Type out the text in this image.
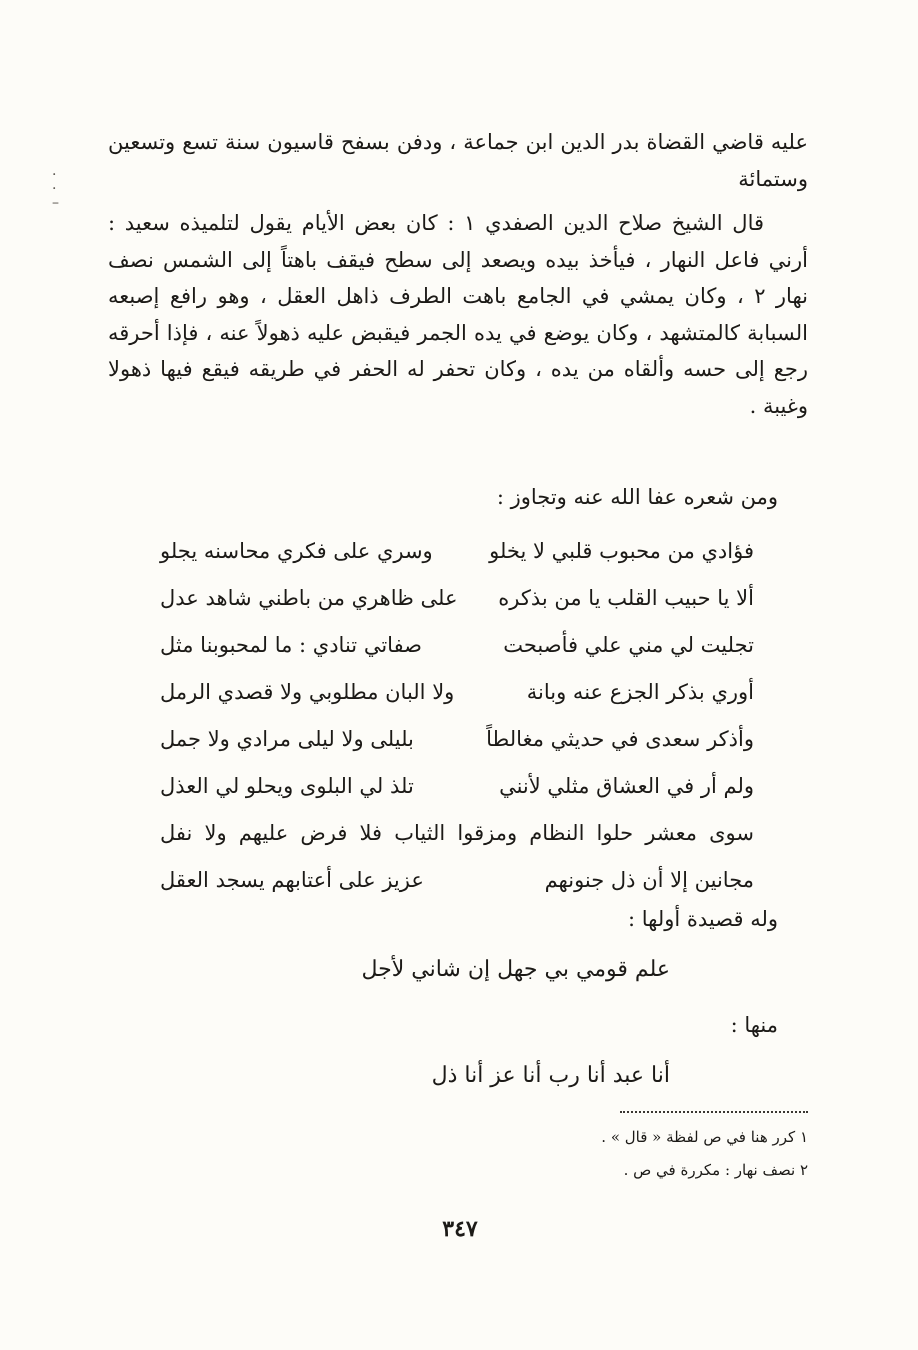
·
·
–

عليه قاضي القضاة بدر الدين ابن جماعة ، ودفن بسفح قاسيون سنة تسع وتسعين وستمائة

قال الشيخ صلاح الدين الصفدي ١ : كان بعض الأيام يقول لتلميذه سعيد : أرني فاعل النهار ، فيأخذ بيده ويصعد إلى سطح فيقف باهتاً إلى الشمس نصف نهار ٢ ، وكان يمشي في الجامع باهت الطرف ذاهل العقل ، وهو رافع إصبعه السبابة كالمتشهد ، وكان يوضع في يده الجمر فيقبض عليه ذهولاً عنه ، فإذا أحرقه رجع إلى حسه وألقاه من يده ، وكان تحفر له الحفر في طريقه فيقع فيها ذهولا وغيبة .

ومن شعره عفا الله عنه وتجاوز :
فؤادي من محبوب قلبي لا يخلو
وسري على فكري محاسنه يجلو
ألا يا حبيب القلب يا من بذكره
على ظاهري من باطني شاهد عدل
تجليت لي مني علي فأصبحت
صفاتي تنادي : ما لمحبوبنا مثل
أوري بذكر الجزع عنه وبانة
ولا البان مطلوبي ولا قصدي الرمل
وأذكر سعدى في حديثي مغالطاً
بليلى ولا ليلى مرادي ولا جمل
ولم أر في العشاق مثلي لأنني
تلذ لي البلوى ويحلو لي العذل
سوى معشر حلوا النظام ومزقوا الثياب فلا فرض عليهم ولا نفل
مجانين إلا أن ذل جنونهم
عزيز على أعتابهم يسجد العقل
وله قصيدة أولها :
علم قومي بي جهل إن شاني لأجل
منها :
أنا عبد أنا رب أنا عز أنا ذل
١ كرر هنا في ص لفظة « قال » .
٢ نصف نهار : مكررة في ص .
٣٤٧
